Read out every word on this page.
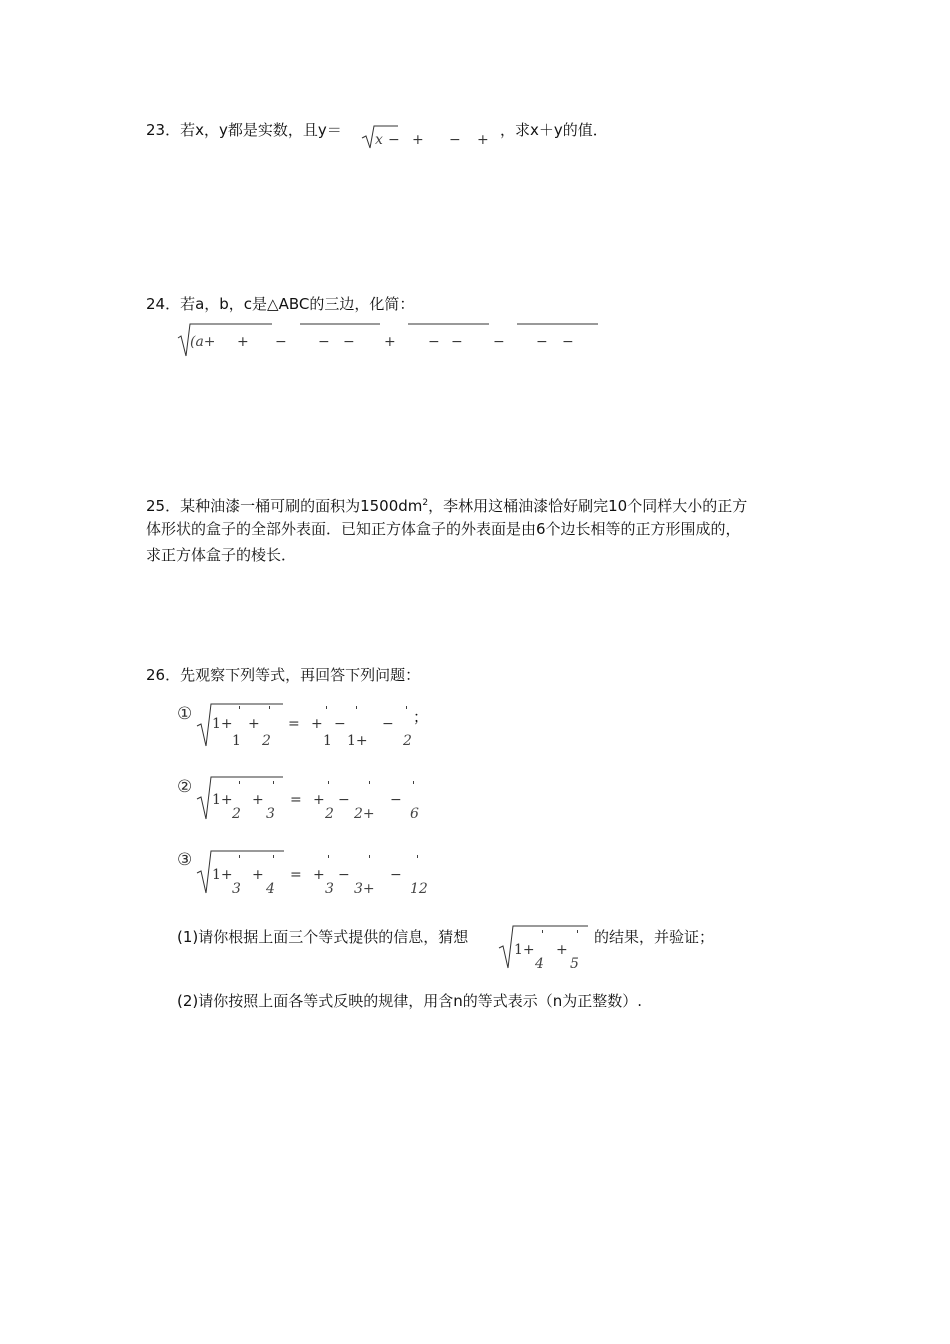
23．若x，y都是实数，且y＝
x − + − +
，求x＋y的值．
24．若a，b，c是△ABC的三边，化简：
(a+ + − − − + − − − − −
25．某种油漆一桶可刷的面积为$1500dm^2$，李林用这桶油漆恰好刷完10个同样大小的正方
体形状的盒子的全部外表面．已知正方体盒子的外表面是由6个边长相等的正方形围成的，
求正方体盒子的棱长．
26．先观察下列等式，再回答下列问题：
① 1+
'
+
'
1 2
= +
'
−
'
−
'
1 1+	2
；
②
1+
'
+
'
2 3
= +
'
−
'
−
'
2 2+	6
③
1+
'
+
'
3 4
= +
'
−
'
−
'
3 3+	12
(1)请你根据上面三个等式提供的信息，猜想
1+
'
+
'
4 5
的结果，并验证；
(2)请你按照上面各等式反映的规律，用含n的等式表示（n为正整数）.
